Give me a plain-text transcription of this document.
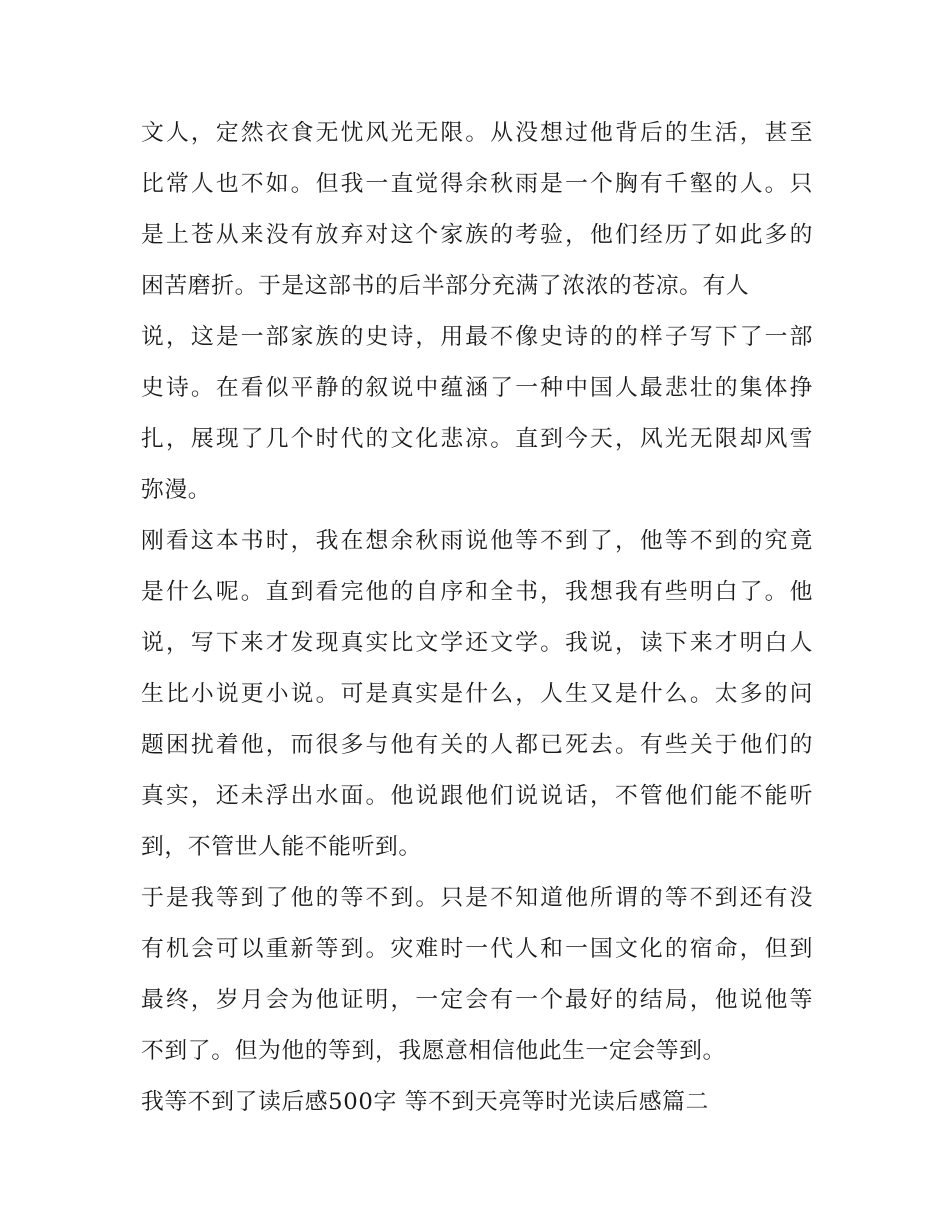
文人，定然衣食无忧风光无限。从没想过他背后的生活，甚至
比常人也不如。但我一直觉得余秋雨是一个胸有千壑的人。只
是上苍从来没有放弃对这个家族的考验，他们经历了如此多的
困苦磨折。于是这部书的后半部分充满了浓浓的苍凉。有人
说，这是一部家族的史诗，用最不像史诗的的样子写下了一部
史诗。在看似平静的叙说中蕴涵了一种中国人最悲壮的集体挣
扎，展现了几个时代的文化悲凉。直到今天，风光无限却风雪
弥漫。
刚看这本书时，我在想余秋雨说他等不到了，他等不到的究竟
是什么呢。直到看完他的自序和全书，我想我有些明白了。他
说，写下来才发现真实比文学还文学。我说，读下来才明白人
生比小说更小说。可是真实是什么，人生又是什么。太多的问
题困扰着他，而很多与他有关的人都已死去。有些关于他们的
真实，还未浮出水面。他说跟他们说说话，不管他们能不能听
到，不管世人能不能听到。
于是我等到了他的等不到。只是不知道他所谓的等不到还有没
有机会可以重新等到。灾难时一代人和一国文化的宿命，但到
最终，岁月会为他证明，一定会有一个最好的结局，他说他等
不到了。但为他的等到，我愿意相信他此生一定会等到。
我等不到了读后感500字 等不到天亮等时光读后感篇二
